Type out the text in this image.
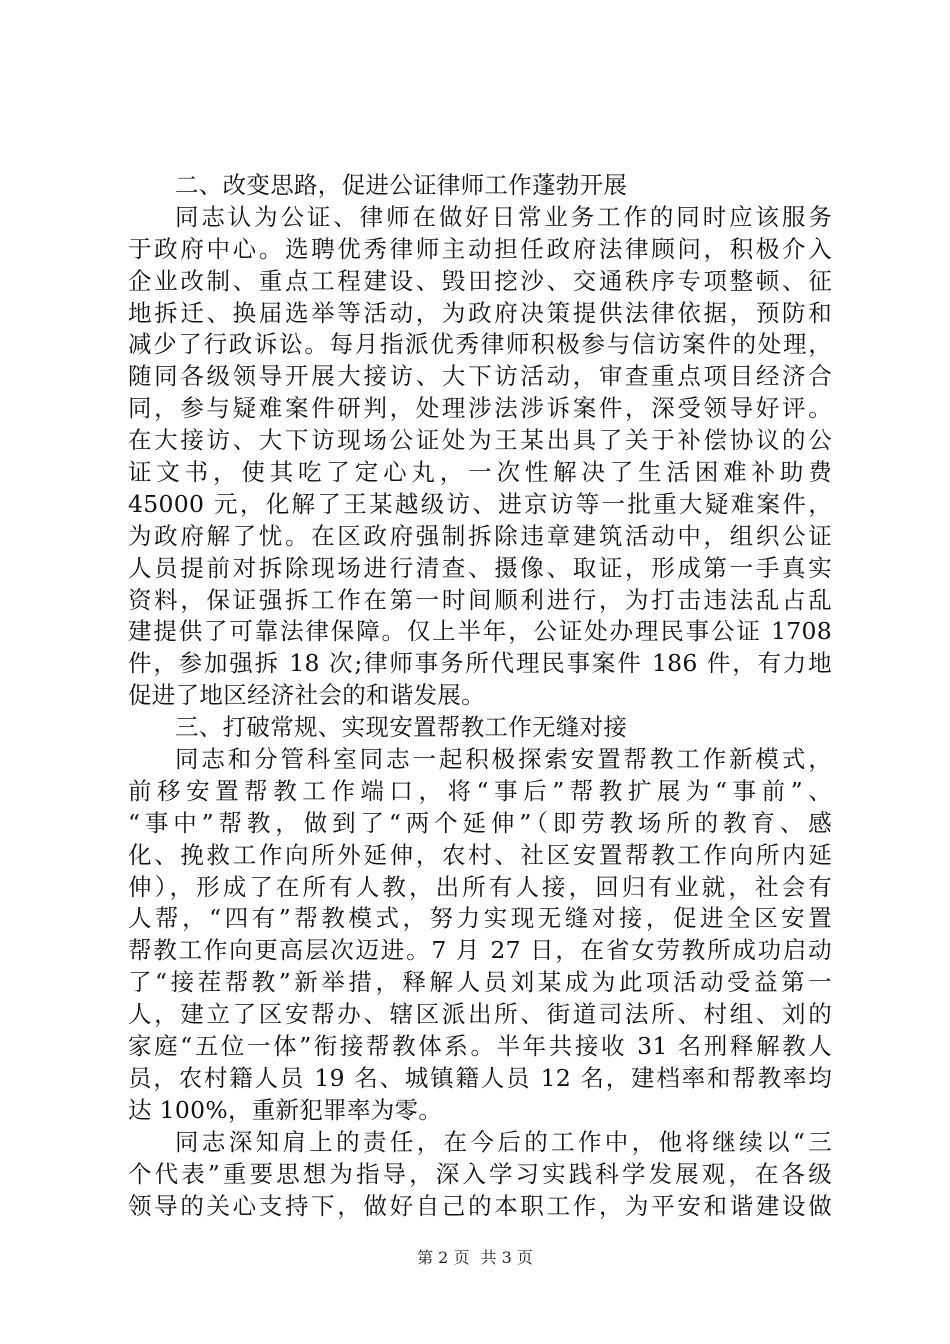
二、改变思路，促进公证律师工作蓬勃开展
同志认为公证、律师在做好日常业务工作的同时应该服务
于政府中心。选聘优秀律师主动担任政府法律顾问，积极介入
企业改制、重点工程建设、毁田挖沙、交通秩序专项整顿、征
地拆迁、换届选举等活动，为政府决策提供法律依据，预防和
减少了行政诉讼。每月指派优秀律师积极参与信访案件的处理，
随同各级领导开展大接访、大下访活动，审查重点项目经济合
同，参与疑难案件研判，处理涉法涉诉案件，深受领导好评。
在大接访、大下访现场公证处为王某出具了关于补偿协议的公
证文书，使其吃了定心丸，一次性解决了生活困难补助费
45000 元，化解了王某越级访、进京访等一批重大疑难案件，
为政府解了忧。在区政府强制拆除违章建筑活动中，组织公证
人员提前对拆除现场进行清查、摄像、取证，形成第一手真实
资料，保证强拆工作在第一时间顺利进行，为打击违法乱占乱
建提供了可靠法律保障。仅上半年，公证处办理民事公证 1708
件，参加强拆 18 次;律师事务所代理民事案件 186 件，有力地
促进了地区经济社会的和谐发展。
三、打破常规、实现安置帮教工作无缝对接
同志和分管科室同志一起积极探索安置帮教工作新模式，
前移安置帮教工作端口，将“事后”帮教扩展为“事前”、
“事中”帮教，做到了“两个延伸”（即劳教场所的教育、感
化、挽救工作向所外延伸，农村、社区安置帮教工作向所内延
伸），形成了在所有人教，出所有人接，回归有业就，社会有
人帮，“四有”帮教模式，努力实现无缝对接，促进全区安置
帮教工作向更高层次迈进。7 月 27 日，在省女劳教所成功启动
了“接茬帮教”新举措，释解人员刘某成为此项活动受益第一
人，建立了区安帮办、辖区派出所、街道司法所、村组、刘的
家庭“五位一体”衔接帮教体系。半年共接收 31 名刑释解教人
员，农村籍人员 19 名、城镇籍人员 12 名，建档率和帮教率均
达 100%，重新犯罪率为零。
同志深知肩上的责任，在今后的工作中，他将继续以“三
个代表”重要思想为指导，深入学习实践科学发展观，在各级
领导的关心支持下，做好自己的本职工作，为平安和谐建设做
第 2 页 共 3 页
